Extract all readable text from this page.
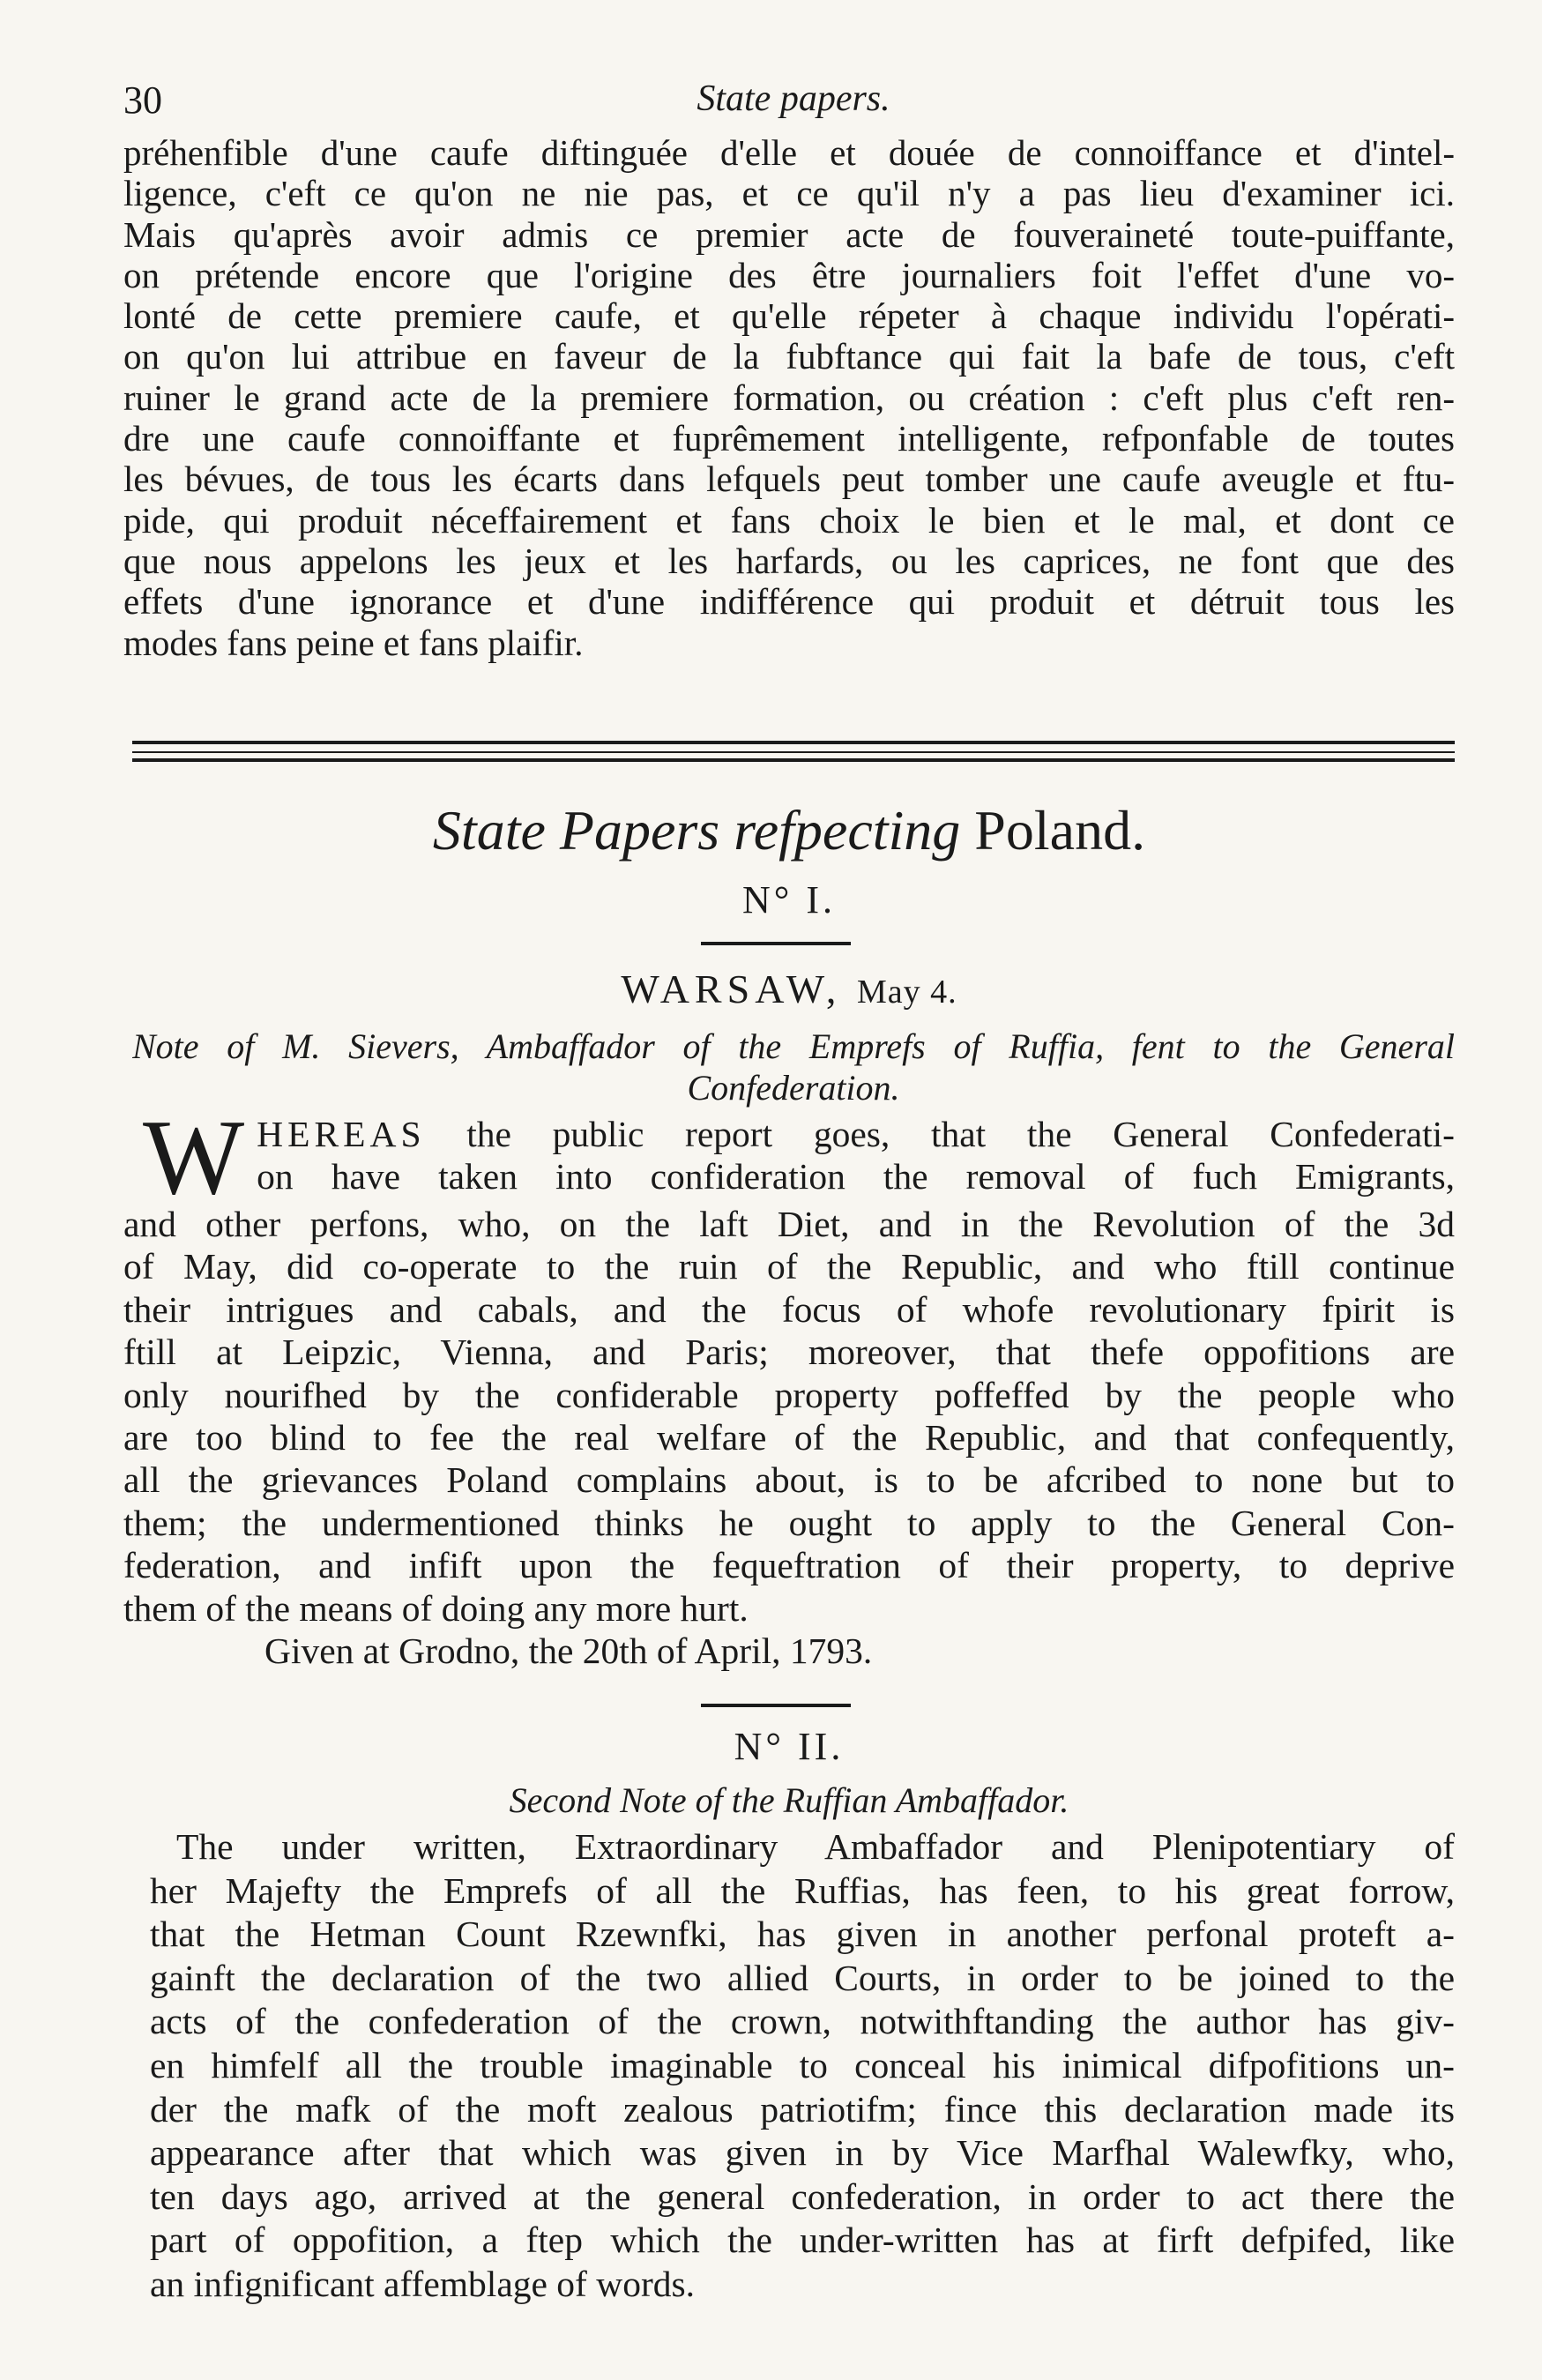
30	State papers.
préhenfible d'une caufe diftinguée d'elle et douée de connoiffance et d'intel-
ligence, c'eft ce qu'on ne nie pas, et ce qu'il n'y a pas lieu d'examiner ici.
Mais qu'après avoir admis ce premier acte de fouveraineté toute-puiffante,
on prétende encore que l'origine des être journaliers foit l'effet d'une vo-
lonté de cette premiere caufe, et qu'elle répeter à chaque individu l'opérati-
on qu'on lui attribue en faveur de la fubftance qui fait la bafe de tous, c'eft
ruiner le grand acte de la premiere formation, ou création : c'eft plus c'eft ren-
dre une caufe connoiffante et fuprêmement intelligente, refponfable de toutes
les bévues, de tous les écarts dans lefquels peut tomber une caufe aveugle et ftu-
pide, qui produit néceffairement et fans choix le bien et le mal, et dont ce
que nous appelons les jeux et les harfards, ou les caprices, ne font que des
effets d'une ignorance et d'une indifférence qui produit et détruit tous les
modes fans peine et fans plaifir.
State Papers refpecting Poland.
N° I.
WARSAW, May 4.
Note of M. Sievers, Ambaffador of the Emprefs of Ruffia, fent to the General
Confederation.
W HEREAS the public report goes, that the General Confederati-
on have taken into confideration the removal of fuch Emigrants,
and other perfons, who, on the laft Diet, and in the Revolution of the 3d
of May, did co-operate to the ruin of the Republic, and who ftill continue
their intrigues and cabals, and the focus of whofe revolutionary fpirit is
ftill at Leipzic, Vienna, and Paris; moreover, that thefe oppofitions are
only nourifhed by the confiderable property poffeffed by the people who
are too blind to fee the real welfare of the Republic, and that confequently,
all the grievances Poland complains about, is to be afcribed to none but to
them; the undermentioned thinks he ought to apply to the General Con-
federation, and infift upon the fequeftration of their property, to deprive
them of the means of doing any more hurt.
Given at Grodno, the 20th of April, 1793.
N° II.
Second Note of the Ruffian Ambaffador.
The under written, Extraordinary Ambaffador and Plenipotentiary of
her Majefty the Emprefs of all the Ruffias, has feen, to his great forrow,
that the Hetman Count Rzewnfki, has given in another perfonal proteft a-
gainft the declaration of the two allied Courts, in order to be joined to the
acts of the confederation of the crown, notwithftanding the author has giv-
en himfelf all the trouble imaginable to conceal his inimical difpofitions un-
der the mafk of the moft zealous patriotifm; fince this declaration made its
appearance after that which was given in by Vice Marfhal Walewfky, who,
ten days ago, arrived at the general confederation, in order to act there the
part of oppofition, a ftep which the under-written has at firft defpifed, like
an infignificant affemblage of words.
